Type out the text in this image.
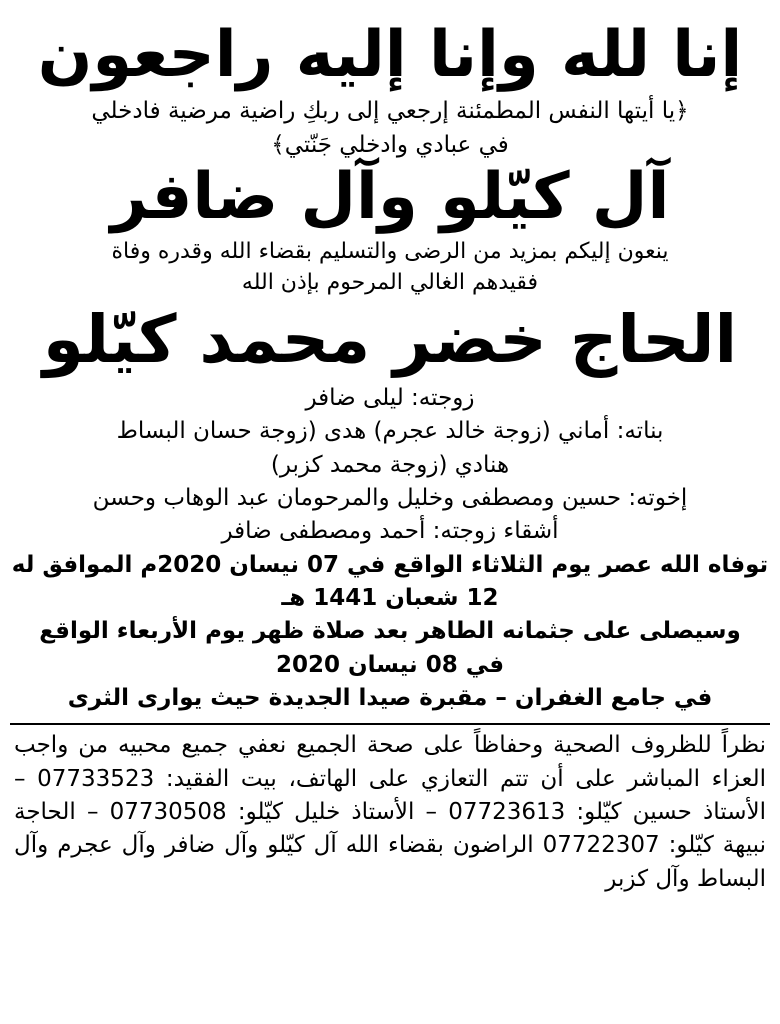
إنا لله وإنا إليه راجعون
﴿يا أيتها النفس المطمئنة إرجعي إلى ربكِ راضية مرضية فادخلي
في عبادي وادخلي جَنّتي﴾
آل كيّلو وآل ضافر
ينعون إليكم بمزيد من الرضى والتسليم بقضاء الله وقدره وفاة
فقيدهم الغالي المرحوم بإذن الله
الحاج خضر محمد كيّلو
زوجته: ليلى ضافر
بناته: أماني (زوجة خالد عجرم) هدى (زوجة حسان البساط
هنادي (زوجة محمد كزبر)
إخوته: حسين ومصطفى وخليل والمرحومان عبد الوهاب وحسن
أشقاء زوجته: أحمد ومصطفى ضافر
توفاه الله عصر يوم الثلاثاء الواقع في 07 نيسان 2020م الموافق له
12 شعبان 1441 هـ
وسيصلى على جثمانه الطاهر بعد صلاة ظهر يوم الأربعاء الواقع
في 08 نيسان 2020
في جامع الغفران – مقبرة صيدا الجديدة حيث يوارى الثرى
نظراً للظروف الصحية وحفاظاً على صحة الجميع نعفي جميع محبيه من واجب العزاء المباشر على أن تتم التعازي على الهاتف، بيت الفقيد: 07733523 – الأستاذ حسين كيّلو: 07723613 – الأستاذ خليل كيّلو: 07730508 – الحاجة نبيهة كيّلو: 07722307 الراضون بقضاء الله آل كيّلو وآل ضافر وآل عجرم وآل البساط وآل كزبر
